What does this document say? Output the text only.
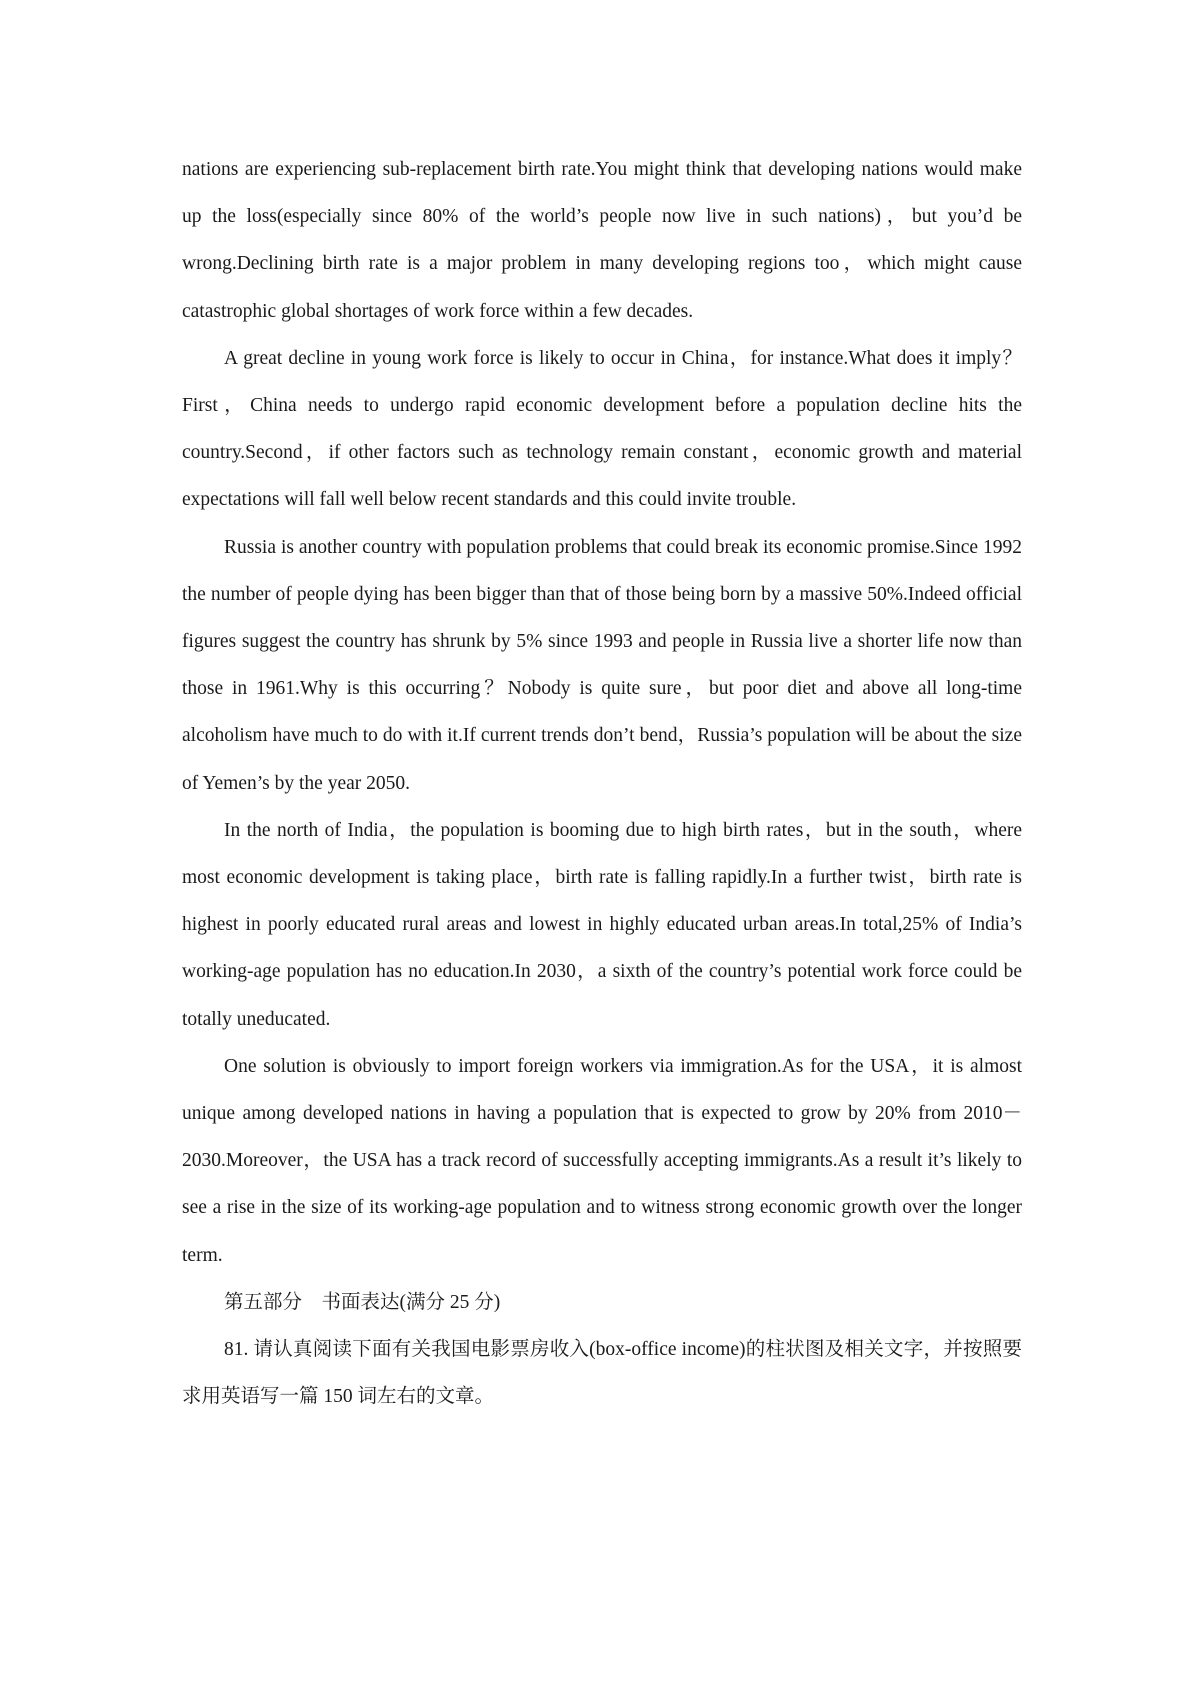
nations are experiencing sub-replacement birth rate.You might think that developing nations would make up the loss(especially since 80% of the world’s people now live in such nations)，but you’d be wrong.Declining birth rate is a major problem in many developing regions too，which might cause catastrophic global shortages of work force within a few decades.

A great decline in young work force is likely to occur in China，for instance.What does it imply？First，China needs to undergo rapid economic development before a population decline hits the country.Second，if other factors such as technology remain constant，economic growth and material expectations will fall well below recent standards and this could invite trouble.

Russia is another country with population problems that could break its economic promise.Since 1992 the number of people dying has been bigger than that of those being born by a massive 50%.Indeed official figures suggest the country has shrunk by 5% since 1993 and people in Russia live a shorter life now than those in 1961.Why is this occurring？Nobody is quite sure，but poor diet and above all long-time alcoholism have much to do with it.If current trends don’t bend，Russia’s population will be about the size of Yemen’s by the year 2050.

In the north of India，the population is booming due to high birth rates，but in the south，where most economic development is taking place，birth rate is falling rapidly.In a further twist，birth rate is highest in poorly educated rural areas and lowest in highly educated urban areas.In total,25% of India’s working-age population has no education.In 2030，a sixth of the country’s potential work force could be totally uneducated.

One solution is obviously to import foreign workers via immigration.As for the USA，it is almost unique among developed nations in having a population that is expected to grow by 20% from 2010－2030.Moreover，the USA has a track record of successfully accepting immigrants.As a result it’s likely to see a rise in the size of its working-age population and to witness strong economic growth over the longer term.

第五部分　书面表达(满分 25 分)

81. 请认真阅读下面有关我国电影票房收入(box-office income)的柱状图及相关文字，并按照要求用英语写一篇 150 词左右的文章。
